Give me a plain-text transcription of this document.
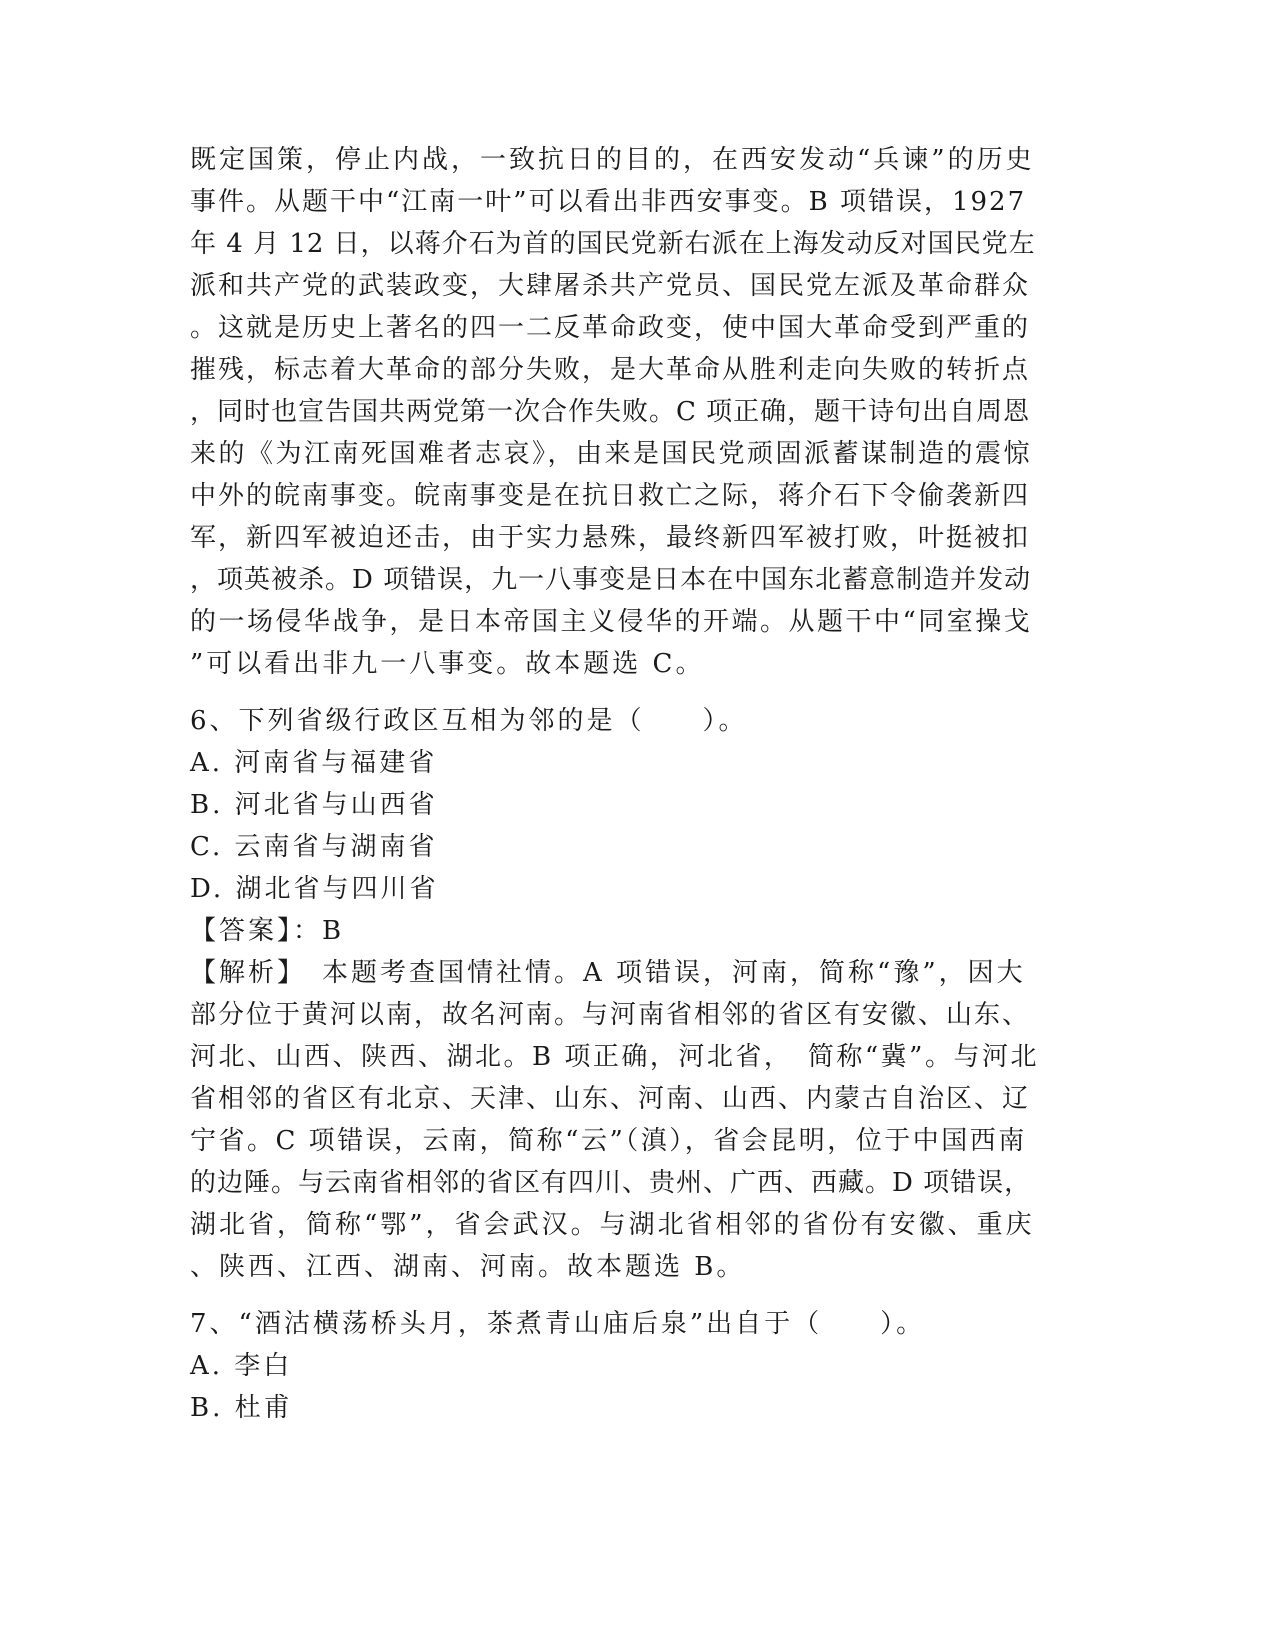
既定国策，停止内战，一致抗日的目的，在西安发动“兵谏”的历史
事件。从题干中“江南一叶”可以看出非西安事变。B 项错误，1927
年 4 月 12 日，以蒋介石为首的国民党新右派在上海发动反对国民党左
派和共产党的武装政变，大肆屠杀共产党员、国民党左派及革命群众
。这就是历史上著名的四一二反革命政变，使中国大革命受到严重的
摧残，标志着大革命的部分失败，是大革命从胜利走向失败的转折点
，同时也宣告国共两党第一次合作失败。C 项正确，题干诗句出自周恩
来的《为江南死国难者志哀》，由来是国民党顽固派蓄谋制造的震惊
中外的皖南事变。皖南事变是在抗日救亡之际，蒋介石下令偷袭新四
军，新四军被迫还击，由于实力悬殊，最终新四军被打败，叶挺被扣
，项英被杀。D 项错误，九一八事变是日本在中国东北蓄意制造并发动
的一场侵华战争，是日本帝国主义侵华的开端。从题干中“同室操戈
”可以看出非九一八事变。故本题选 C。
6、下列省级行政区互相为邻的是（　　）。
A. 河南省与福建省
B. 河北省与山西省
C. 云南省与湖南省
D. 湖北省与四川省
【答案】：B
【解析】　本题考查国情社情。A 项错误，河南，简称“豫”，因大
部分位于黄河以南，故名河南。与河南省相邻的省区有安徽、山东、
河北、山西、陕西、湖北。B 项正确，河北省，　简称“冀”。与河北
省相邻的省区有北京、天津、山东、河南、山西、内蒙古自治区、辽
宁省。C 项错误，云南，简称“云”（滇），省会昆明，位于中国西南
的边陲。与云南省相邻的省区有四川、贵州、广西、西藏。D 项错误，
湖北省，简称“鄂”，省会武汉。与湖北省相邻的省份有安徽、重庆
、陕西、江西、湖南、河南。故本题选 B。
7、“酒沽横荡桥头月，茶煮青山庙后泉”出自于（　　）。
A. 李白
B. 杜甫
